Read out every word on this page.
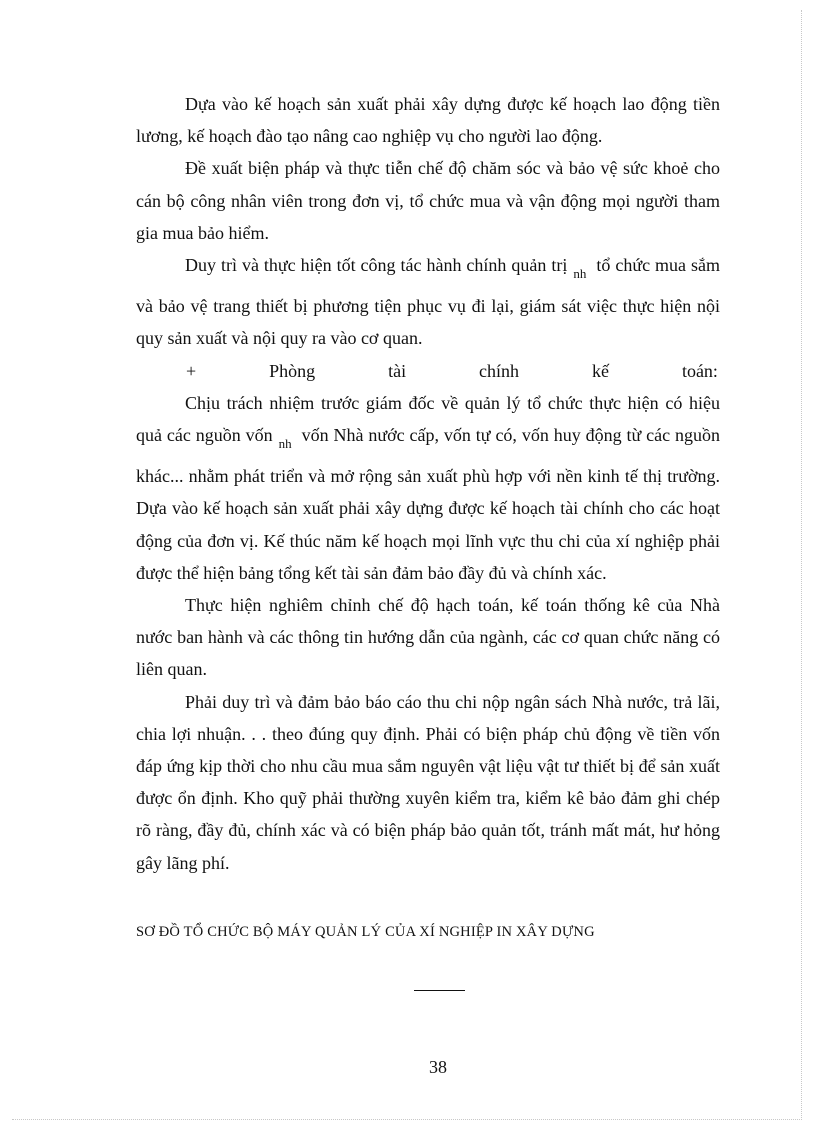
Dựa vào kế hoạch sản xuất phải xây dựng được kế hoạch lao động tiền lương, kế hoạch đào tạo nâng cao nghiệp vụ cho người lao động.

Đề xuất biện pháp và thực tiễn chế độ chăm sóc và bảo vệ sức khoẻ cho cán bộ công nhân viên trong đơn vị, tổ chức mua và vận động mọi người tham gia mua bảo hiểm.

Duy trì và thực hiện tốt công tác hành chính quản trị $_{nh}$ tổ chức mua sắm và bảo vệ trang thiết bị phương tiện phục vụ đi lại, giám sát việc thực hiện nội quy sản xuất và nội quy ra vào cơ quan.

+	Phòng	tài	chính	kế	toán:

Chịu trách nhiệm trước giám đốc về quản lý tổ chức thực hiện có hiệu quả các nguồn vốn $_{nh}$ vốn Nhà nước cấp, vốn tự có, vốn huy động từ các nguồn khác... nhằm phát triển và mở rộng sản xuất phù hợp với nền kinh tế thị trường. Dựa vào kế hoạch sản xuất phải xây dựng được kế hoạch tài chính cho các hoạt động của đơn vị. Kế thúc năm kế hoạch mọi lĩnh vực thu chi của xí nghiệp phải được thể hiện bảng tổng kết tài sản đảm bảo đầy đủ và chính xác.

Thực hiện nghiêm chỉnh chế độ hạch toán, kế toán thống kê của Nhà nước ban hành và các thông tin hướng dẫn của ngành, các cơ quan chức năng có liên quan.

Phải duy trì và đảm bảo báo cáo thu chi nộp ngân sách Nhà nước, trả lãi, chia lợi nhuận. . . theo đúng quy định. Phải có biện pháp chủ động về tiền vốn đáp ứng kịp thời cho nhu cầu mua sắm nguyên vật liệu vật tư thiết bị để sản xuất được ổn định. Kho quỹ phải thường xuyên kiểm tra, kiểm kê bảo đảm ghi chép rõ ràng, đầy đủ, chính xác và có biện pháp bảo quản tốt, tránh mất mát, hư hỏng gây lãng phí.

SƠ ĐỒ TỔ CHỨC BỘ MÁY QUẢN LÝ CỦA XÍ NGHIỆP IN XÂY DỰNG
38
